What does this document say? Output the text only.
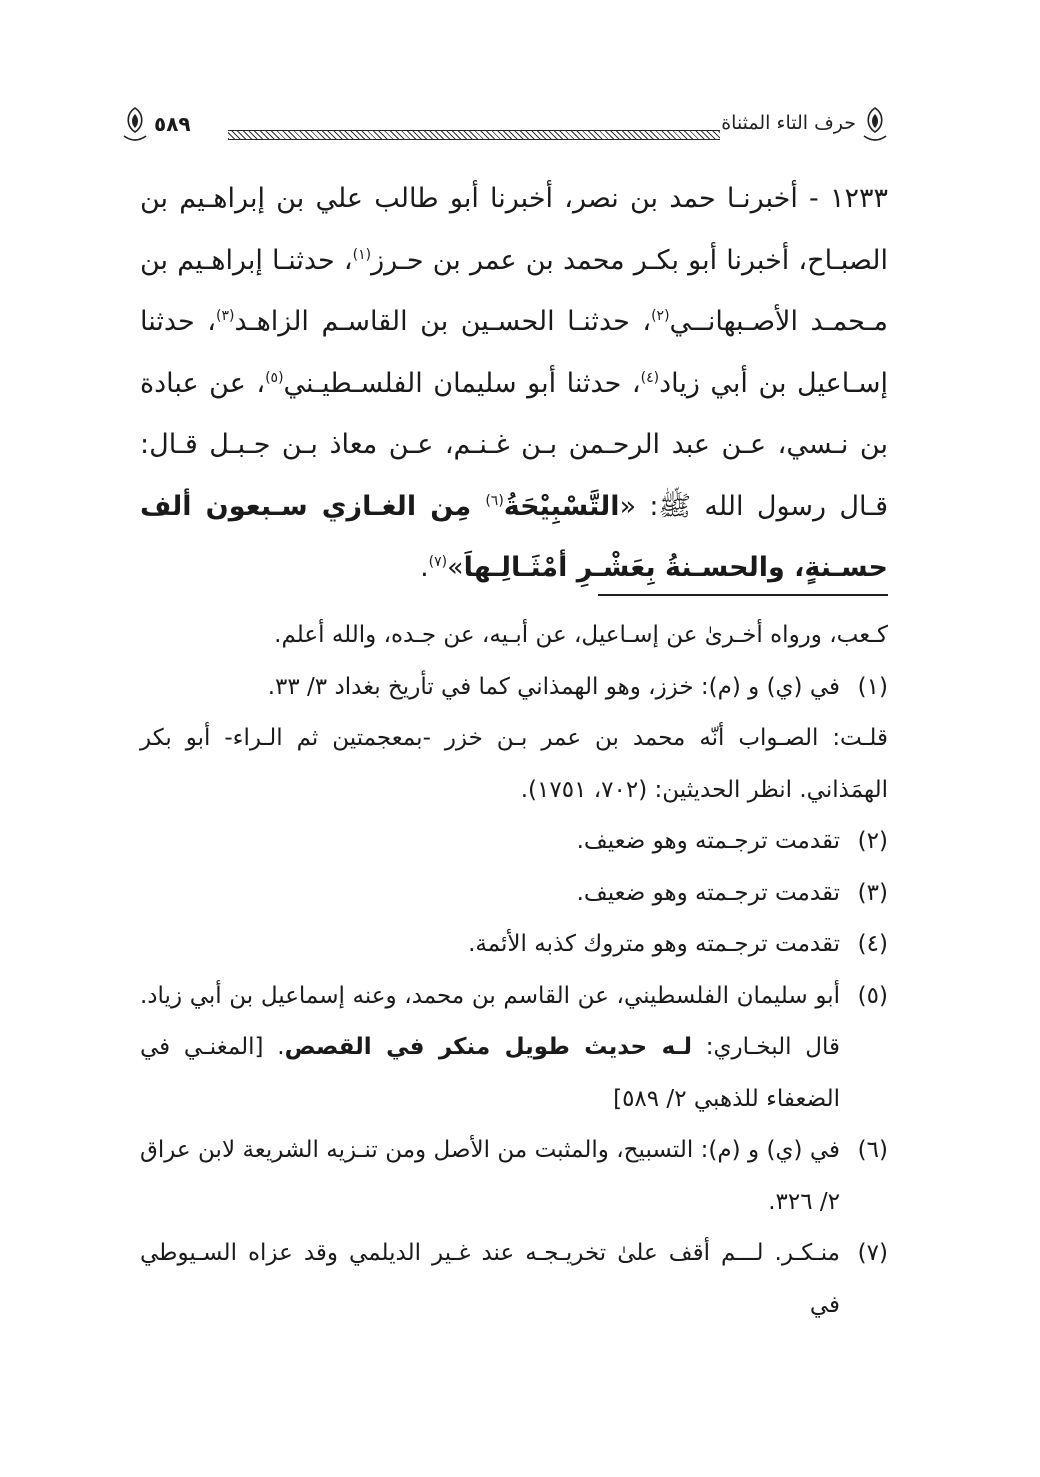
حرف التاء المثناة
٥٨٩

١٢٣٣ - أخبرنـا حمد بن نصر، أخبرنا أبو طالب علي بن إبراهـيم بن الصبـاح، أخبرنا أبو بكـر محمد بن عمر بن حـرز$^{(١)}$، حدثنـا إبراهـيم بن مـحمـد الأصـبهانــي$^{(٢)}$، حدثنـا الحسـين بن القاسـم الزاهـد$^{(٣)}$، حدثنا إسـاعيل بن أبي زياد$^{(٤)}$، حدثنا أبو سليمان الفلسـطيـني$^{(٥)}$، عن عبادة بن نـسي، عـن عبد الرحـمن بـن غـنـم، عـن معاذ بـن جـبـل قـال: قـال رسول الله ﷺ: «التَّسْبِيْحَةُ$^{(٦)}$ مِن الغـازي سـبعون ألف حسـنةٍ، والحسـنةُ بِعَشْـرِ أمْثَـالِـهاَ»$^{(٧)}$.

كـعب، ورواه أخـرىٰ عن إسـاعيل، عن أبـيه، عن جـده، والله أعلم.

(١)
في (ي) و (م): خزز، وهو الهمذاني كما في تأريخ بغداد ٣/ ٣٣.

قلـت: الصـواب أنّه محمد بن عمر بـن خزر -بمعجمتين ثم الـراء- أبو بكر الهمَذاني. انظر الحديثين: (٧٠٢، ١٧٥١).

(٢)
تقدمت ترجـمته وهو ضعيف.
(٣)
تقدمت ترجـمته وهو ضعيف.
(٤)
تقدمت ترجـمته وهو متروك كذبه الأئمة.
(٥)
أبو سليمان الفلسطيني، عن القاسم بن محمد، وعنه إسماعيل بن أبي زياد. قال البخـاري: لـه حديث طويل منكر في القصص. [المغنـي في الضعفاء للذهبي ٢/ ٥٨٩]
(٦)
في (ي) و (م): التسبيح، والمثبت من الأصل ومن تنـزيه الشريعة لابن عراق ٢/ ٣٢٦.
(٧)
منـكـر. لـــم أقف علىٰ تخريـجـه عند غـير الديلمي وقد عزاه السـيوطي في
